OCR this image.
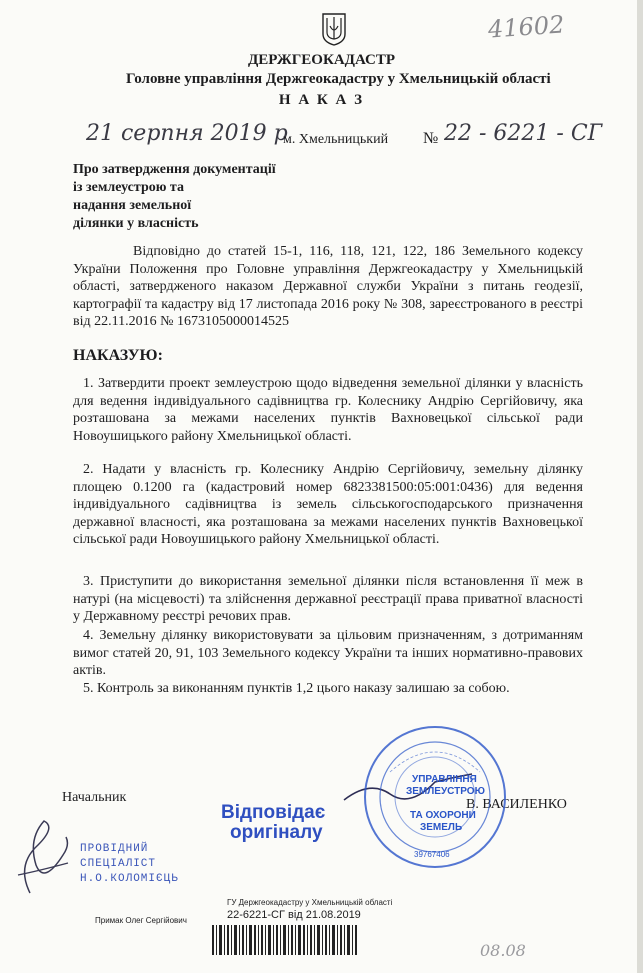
41602
ДЕРЖГЕОКАДАСТР
Головне управління Держгеокадастру у Хмельницькій області
Н А К А З
21 серпня 2019 р
м. Хмельницький № 22 - 6221 - СГ
Про затвердження документації
із землеустрою та
надання земельної
ділянки у власність
Відповідно до статей 15-1, 116, 118, 121, 122, 186 Земельного кодексу України Положення про Головне управління Держгеокадастру у Хмельницькій області, затвердженого наказом Державної служби України з питань геодезії, картографії та кадастру від 17 листопада 2016 року № 308, зареєстрованого в реєстрі від 22.11.2016 № 1673105000014525
НАКАЗУЮ:
1. Затвердити проект землеустрою щодо відведення земельної ділянки у власність для ведення індивідуального садівництва гр. Колеснику Андрію Сергійовичу, яка розташована за межами населених пунктів Вахновецької сільської ради Новоушицького району Хмельницької області.
2. Надати у власність гр. Колеснику Андрію Сергійовичу, земельну ділянку площею 0.1200 га (кадастровий номер 6823381500:05:001:0436) для ведення індивідуального садівництва із земель сільськогосподарського призначення державної власності, яка розташована за межами населених пунктів Вахновецької сільської ради Новоушицького району Хмельницької області.
3. Приступити до використання земельної ділянки після встановлення її меж в натурі (на місцевості) та злійснення державної реєстрації права приватної власності у Державному реєстрі речових прав.
4. Земельну ділянку використовувати за цільовим призначенням, з дотриманням вимог статей 20, 91, 103 Земельного кодексу України та інших нормативно-правових актів.
5. Контроль за виконанням пунктів 1,2 цього наказу залишаю за собою.
Начальник	В. ВАСИЛЕНКО
Відповідає
оригіналу
УПРАВЛІННЯ
ЗЕМЛЕУСТРОЮ
ТА ОХОРОНИ
ЗЕМЕЛЬ
39767406
ПРОВІДНИЙ
СПЕЦІАЛІСТ
Н.О.КОЛОМІЄЦЬ
ГУ Держгеокадастру у Хмельницькій області
22-6221-СГ від 21.08.2019
Примак Олег Сергійович
08.08
